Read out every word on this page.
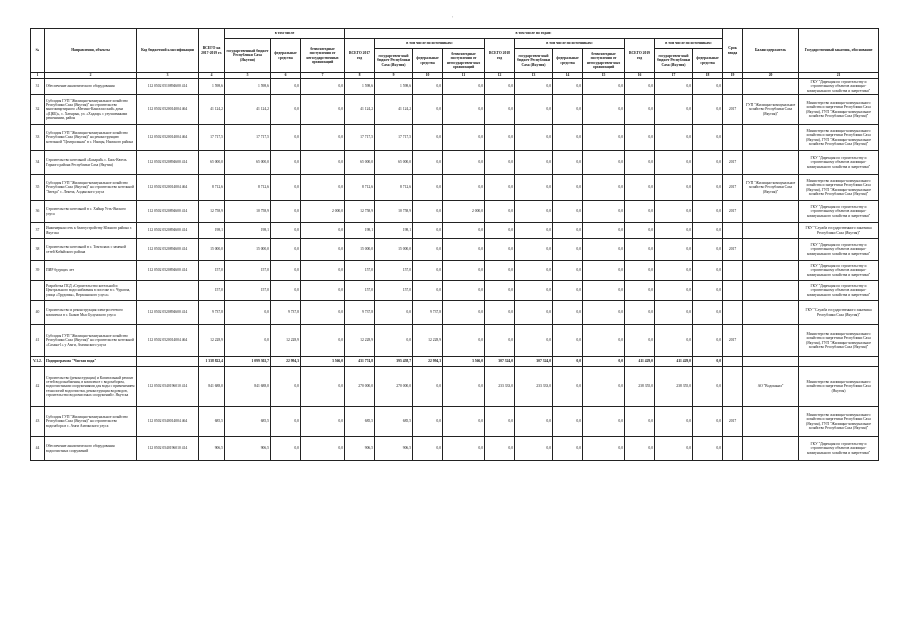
,
№	Направления, объекты	Код бюджетной классификации	ВСЕГО на 2017-2019 гг.	в том числе			в том числе по годам:											Срок ввода	Балансодержатель	Государственный заказчик, обоснование
				государственный бюджет Республики Саха (Якутия)	федеральные средства	безвозмездные поступления от негосударственных организаций	ВСЕГО 2017 год	в том числе по источникам:			ВСЕГО 2018 год	в том числе по источникам:			ВСЕГО 2019 год	в том числе по источникам:				
								государствен-ный бюджет Республики Саха (Якутия)	федеральные средства	безвозмездные поступления от негосударствен-ных организаций		государствен-ный бюджет Республики Саха (Якутия)	федеральные средства	безвозмездные поступления от негосударствен-ных организаций		государствен-ный бюджет Республики Саха (Якутия)	федеральные средства			
1	2	3	4	5	6	7	8	9	10	11	12	13	14	15	16	17	18	19	20	21
31	Обеспечение аналитического оборудования	112 0502 0510894600 414	1 598,6	1 598,6	0,0	0,0	1 598,6	1 598,6	0,0	0,0	0,0	0,0	0,0	0,0	0,0	0,0	0,0			ГКУ "Дирекция по строительству и строительному объектов жилищно-коммунального хозяйства и энергетики"
32	Субсидия ГУП "Жилищно-коммунальное хозяйство Республики Саха (Якутия)" на строительство многоквартирного «Мегино-Кангаласский» дома «(ЦКБ)», с. Хатырык, ул. «Хадаар» с улучшенными решениями, район	112 0502 0520014004 464	41 124,2	41 124,2	0,0	0,0	41 124,2	41 124,2	0,0	0,0	0,0	0,0	0,0	0,0	0,0	0,0	0,0	2017	ГУП "Жилищно-коммунальное хозяйство Республики Саха (Якутия)"	Министерство жилищно-коммунального хозяйства и энергетики Республики Саха (Якутия), ГУП "Жилищно-коммунальное хозяйство Республики Саха (Якутия)"
33	Субсидия ГУП "Жилищно-коммунальное хозяйство Республики Саха (Якутия)" на реконструкцию котельной "Центральная" в с. Намцы, Намского района	112 0502 0520014004 464	17 717,5	17 717,5	0,0	0,0	17 717,5	17 717,5	0,0	0,0	0,0	0,0	0,0	0,0	0,0	0,0	0,0			Министерство жилищно-коммунального хозяйства и энергетики Республики Саха (Якутия), ГУП "Жилищно-коммунальное хозяйство Республики Саха (Якутия)"
34	Строительство котельной «Бахарай» с. Бясь-Кюель Горного района Республики Саха (Якутия)	112 0502 0520894600 414	65 000,0	65 000,0	0,0	0,0	65 000,0	65 000,0	0,0	0,0	0,0	0,0	0,0	0,0	0,0	0,0	0,0	2017		ГКУ "Дирекция по строительству и строительному объектов жилищно-коммунального хозяйства и энергетики"
35	Субсидия ГУП "Жилищно-коммунальное хозяйство Республики Саха (Якутия)" на строительство котельной "Звезда" с. Лекеча, Алданского улуса	112 0502 0520014004 464	8 712,6	8 712,6	0,0	0,0	8 712,6	8 712,6	0,0	0,0	0,0	0,0	0,0	0,0	0,0	0,0	0,0	2017	ГУП "Жилищно-коммунальное хозяйство Республики Саха (Якутия)"	Министерство жилищно-коммунального хозяйства и энергетики Республики Саха (Якутия), ГУП "Жилищно-коммунальное хозяйство Республики Саха (Якутия)"
36	Строительство котельной в с. Хайыр Усть-Янского улуса	112 0502 0520894600 414	12 758,9	10 758,9	0,0	2 000,0	12 758,9	10 758,9	0,0	2 000,0	0,0	0,0	0,0	0,0	0,0	0,0	0,0	2017		ГКУ "Дирекция по строительству и строительному объектов жилищно-коммунального хозяйства и энергетики"
37	Инженерная сеть к благоустройству Южного района г. Якутска	112 0502 0520894600 414	198,1	198,1	0,0	0,0	198,1	198,1	0,0	0,0	0,0	0,0	0,0	0,0	0,0	0,0	0,0			ГКУ "Служба государственного заказчика Республики Саха (Якутия)"
38	Строительство котельной в с. Томтолаах с заменой сетей Кобяйского района	112 0502 0520894600 414	15 000,0	15 000,0	0,0	0,0	15 000,0	15 000,0	0,0	0,0	0,0	0,0	0,0	0,0	0,0	0,0	0,0	2017		ГКУ "Дирекция по строительству и строительному объектов жилищно-коммунального хозяйства и энергетики"
39	ПИР будущих лет	112 0502 0520894600 414	157,0	157,0	0,0	0,0	157,0	157,0	0,0	0,0	0,0	0,0	0,0	0,0	0,0	0,0	0,0			ГКУ "Дирекция по строительству и строительному объектов жилищно-коммунального хозяйства и энергетики"
	Разработка ПСД «Строительство котельной и Центрального водоснабжения в поселке в с. Чурапча, улица «Трудовая», Верхоянского улуса»		157,0	157,0	0,0	0,0	157,0	157,0	0,0	0,0	0,0	0,0	0,0	0,0	0,0	0,0	0,0			ГКУ "Дирекция по строительству и строительному объектов жилищно-коммунального хозяйства и энергетики"
40	Строительство и реконструкция электросетевого комплекса в с. Быков Мыс Булунского улуса	112 0502 0520894600 414	9 737,8	0,0	9 737,8	0,0	9 737,8	0,0	9 737,8	0,0	0,0	0,0	0,0	0,0	0,0	0,0	0,0			ГКУ "Служба государственного заказчика Республики Саха (Якутия)"
41	Субсидия ГУП "Жилищно-коммунальное хозяйство Республики Саха (Якутия)" на строительство котельной «Сахаяа-1» у Амги, Амгинского улуса	112 0502 0520014004 464	12 228,9	0,0	12 228,9	0,0	12 228,9	0,0	12 228,9	0,0	0,0	0,0	0,0	0,0	0,0	0,0	0,0	2017		Министерство жилищно-коммунального хозяйства и энергетики Республики Саха (Якутия), ГУП "Жилищно-коммунальное хозяйство Республики Саха (Якутия)"
V.1.2.	Подпрограмма "Чистая вода"		1 338 822,4	1 099 302,7	22 994,3	3 566,0	431 774,8	395 458,7	22 994,3	3 566,0	307 324,0	307 324,0	0,0	0,0	411 429,0	411 429,0	0,0			
42	Строительство (реконструкция) и Капитальный ремонт сетей водоснабжения, в комплексе с водозабором, водоочистными сооружениями для воды с применением технологий водоочистки, реконструкция водоводов, строительство водоочистных сооружений г. Якутска	112 0502 0540196010 414	841 688,0	841 688,0	0,0	0,0	270 000,0	270 000,0	0,0	0,0	233 333,0	233 333,0	0,0	0,0	238 355,0	238 355,0	0,0		АО "Водоканал"	Министерство жилищно-коммунального хозяйства и энергетики Республики Саха (Якутия)
43	Субсидия ГУП "Жилищно-коммунальное хозяйство Республики Саха (Якутия)" на строительство водозабора в с. Амги Амгинского улуса	112 0502 0540014004 464	685,5	685,5	0,0	0,0	685,5	685,5	0,0	0,0	0,0	0,0	0,0	0,0	0,0	0,0	0,0	2017		Министерство жилищно-коммунального хозяйства и энергетики Республики Саха (Якутия), ГУП "Жилищно-коммунальное хозяйство Республики Саха (Якутия)"
44	Обеспечение аналитического оборудования водоочистных сооружений	112 0502 0540196010 414	906,5	906,5	0,0	0,0	906,5	906,5	0,0	0,0	0,0	0,0	0,0	0,0	0,0	0,0	0,0			ГКУ "Дирекция по строительству и строительному объектов жилищно-коммунального хозяйства и энергетики"
